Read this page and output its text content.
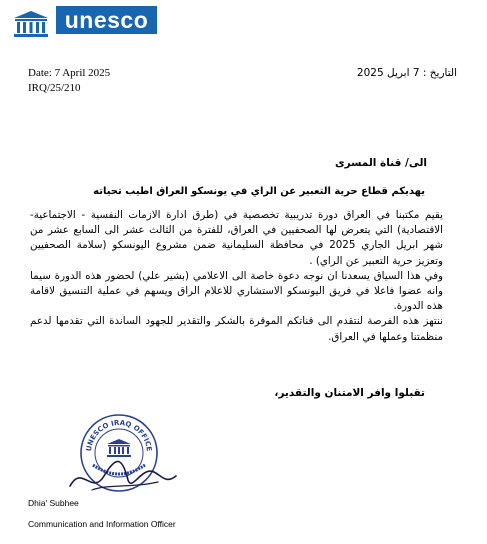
unesco
Date: 7 April 2025
IRQ/25/210
التاريخ : 7 ابريل 2025
الى/ قناة المسرى
يهديكم قطاع حرية التعبير عن الراي في يونسكو العراق اطيب تحياته

يقيم مكتبنا في العراق دورة تدريبية تخصصية في (طرق ادارة الازمات النفسية - الاجتماعية- الاقتصادية) التي يتعرض لها الصحفيين في العراق، للفترة من الثالث عشر الى السابع عشر من شهر ابريل الجاري 2025 في محافظة السليمانية ضمن مشروع اليونسكو (سلامة الصحفيين وتعزيز حرية التعبير عن الراي) .

وفي هذا السياق يسعدنا ان نوجه دعوة خاصة الى الاعلامي (بشير علي) لحضور هذه الدورة سيما وانه عضوا فاعلا في فريق اليونسكو الاستشاري للاعلام الراق ويسهم في عملية التنسيق لاقامة هذه الدورة.

ننتهز هذه الفرصة لنتقدم الى قناتكم الموقرة بالشكر والتقدير للجهود الساندة التي تقدمها لدعم منظمتنا وعملها في العراق.

تقبلوا وافر الامتنان والتقدير،
UNESCO IRAQ OFFICE
Dhia' Subhee
Communication and Information Officer
